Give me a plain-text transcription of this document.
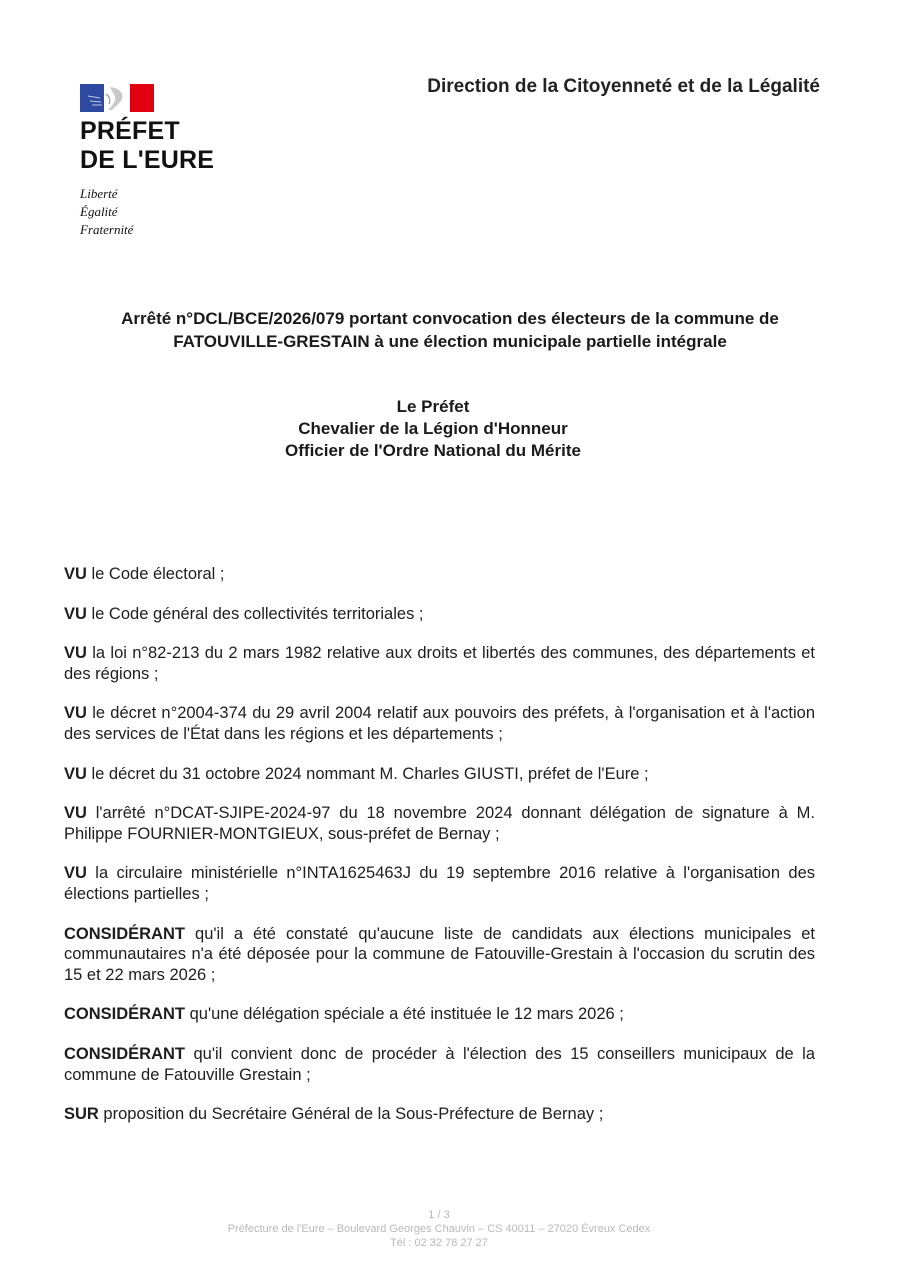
PRÉFET
DE L'EURE
Liberté
Égalité
Fraternité
Direction de la Citoyenneté et de la Légalité
Arrêté n°DCL/BCE/2026/079 portant convocation des électeurs de la commune de
FATOUVILLE-GRESTAIN à une élection municipale partielle intégrale
Le Préfet
Chevalier de la Légion d'Honneur
Officier de l'Ordre National du Mérite

VU le Code électoral ;

VU le Code général des collectivités territoriales ;

VU la loi n°82-213 du 2 mars 1982 relative aux droits et libertés des communes, des départements et des régions ;

VU le décret n°2004-374 du 29 avril 2004 relatif aux pouvoirs des préfets, à l'organisation et à l'action des services de l'État dans les régions et les départements ;

VU le décret du 31 octobre 2024 nommant M. Charles GIUSTI, préfet de l'Eure ;

VU l'arrêté n°DCAT-SJIPE-2024-97 du 18 novembre 2024 donnant délégation de signature à M. Philippe FOURNIER-MONTGIEUX, sous-préfet de Bernay ;

VU la circulaire ministérielle n°INTA1625463J du 19 septembre 2016 relative à l'organisation des élections partielles ;

CONSIDÉRANT qu'il a été constaté qu'aucune liste de candidats aux élections municipales et communautaires n'a été déposée pour la commune de Fatouville-Grestain à l'occasion du scrutin des 15 et 22 mars 2026 ;

CONSIDÉRANT qu'une délégation spéciale a été instituée le 12 mars 2026 ;

CONSIDÉRANT qu'il convient donc de procéder à l'élection des 15 conseillers municipaux de la commune de Fatouville Grestain ;

SUR proposition du Secrétaire Général de la Sous-Préfecture de Bernay ;

1 / 3
Préfecture de l'Eure – Boulevard Georges Chauvin – CS 40011 – 27020 Évreux Cedex
Tél : 02 32 78 27 27
